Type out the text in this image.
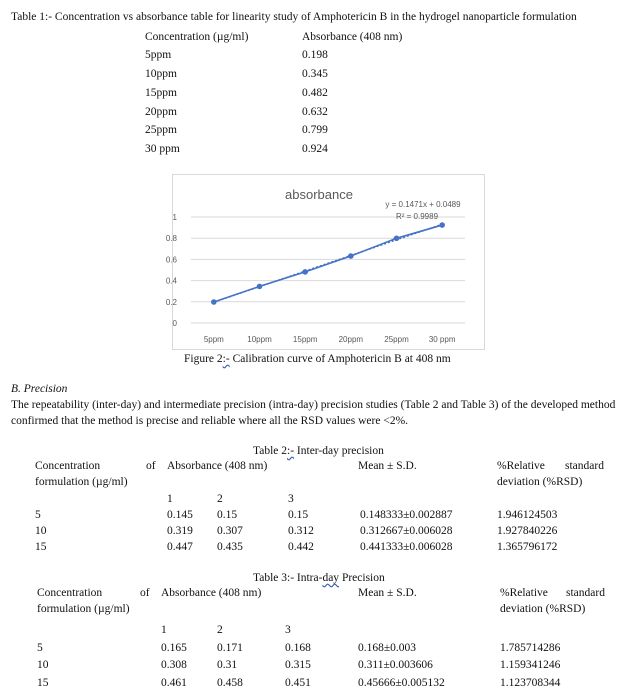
Table 1:- Concentration vs absorbance table for linearity study of Amphotericin B in the hydrogel nanoparticle formulation
Concentration (µg/ml)	Absorbance (408 nm)
5ppm	0.198
10ppm	0.345
15ppm	0.482
20ppm	0.632
25ppm	0.799
30 ppm	0.924
0
0.2
0.4
0.6
0.8
1
5ppm	10ppm	15ppm	20ppm	25ppm	30 ppm
absorbance
y = 0.1471x + 0.0489
R² = 0.9989
Figure 2:- Calibration curve of Amphotericin B at 408 nm
B. Precision
The repeatability (inter-day) and intermediate precision (intra-day) precision studies (Table 2 and Table 3) of the developed method
confirmed that the method is precise and reliable where all the RSD values were <2%.
Table 2:- Inter-day precision
Concentration	of
formulation (µg/ml)
Absorbance (408 nm)	Mean ± S.D.	%Relative standard
deviation (%RSD)
1	2	3
5	0.145 0.15	0.15	0.148333±0.002887	1.946124503
10	0.319 0.307	0.312	0.312667±0.006028	1.927840226
15	0.447 0.435	0.442	0.441333±0.006028	1.365796172
Table 3:- Intra-day Precision
Concentration	of
formulation (µg/ml)
Absorbance (408 nm)	Mean ± S.D.	%Relative standard
deviation (%RSD)
1	2	3
5	0.165	0.171	0.168	0.168±0.003	1.785714286
10	0.308	0.31	0.315	0.311±0.003606	1.159341246
15	0.461	0.458	0.451	0.45666±0.005132	1.123708344
